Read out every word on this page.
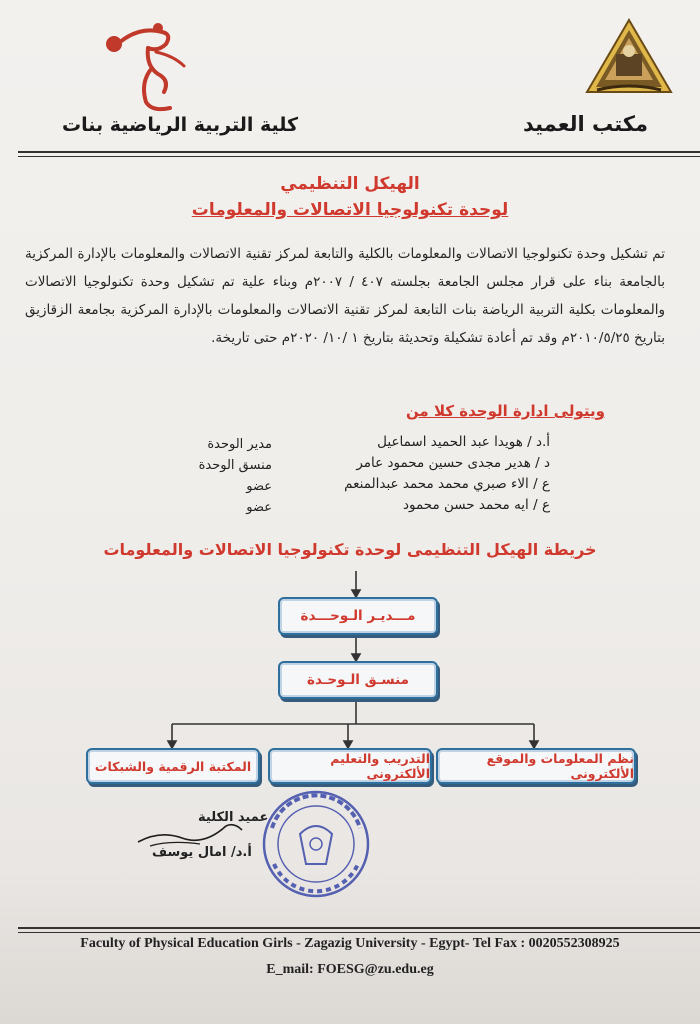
مكتب العميد
كلية التربية الرياضية بنات
الهيكل التنظيمي
لوحدة تكنولوجيا الاتصالات والمعلومات
تم تشكيل وحدة تكنولوجيا الاتصالات والمعلومات بالكلية والتابعة لمركز تقنية الاتصالات والمعلومات بالإدارة المركزية بالجامعة بناء على قرار مجلس الجامعة بجلسته ٤٠٧ / ٢٠٠٧م وبناء علية تم تشكيل وحدة تكنولوجيا الاتصالات والمعلومات بكلية التربية الرياضة بنات التابعة لمركز تقنية الاتصالات والمعلومات بالإدارة المركزية بجامعة الزقازيق بتاريخ ٢٠١٠/٥/٢٥م وقد تم أعادة تشكيلة وتحديثة بتاريخ ١ /١٠/ ٢٠٢٠م حتى تاريخة.
ويتولى ادارة الوحدة كلا من
أ.د / هويدا عبد الحميد اسماعيل
د / هدير مجدى حسين محمود عامر
ع / الاء صبري محمد محمد عبدالمنعم
ع / ايه محمد حسن محمود
مدير الوحدة
منسق الوحدة
عضو
عضو
خريطة الهيكل التنظيمى لوحدة تكنولوجيا الاتصالات والمعلومات
مـــديـر الـوحـــدة
منسـق الـوحـدة
نظم المعلومات والموقع الألكترونى
التدريب والتعليم الألكترونى
المكتبة الرقمية والشبكات
عميد الكلية
أ.د/ امال يوسف
Faculty of Physical Education Girls - Zagazig University - Egypt- Tel Fax : 0020552308925
E_mail: FOESG@zu.edu.eg
